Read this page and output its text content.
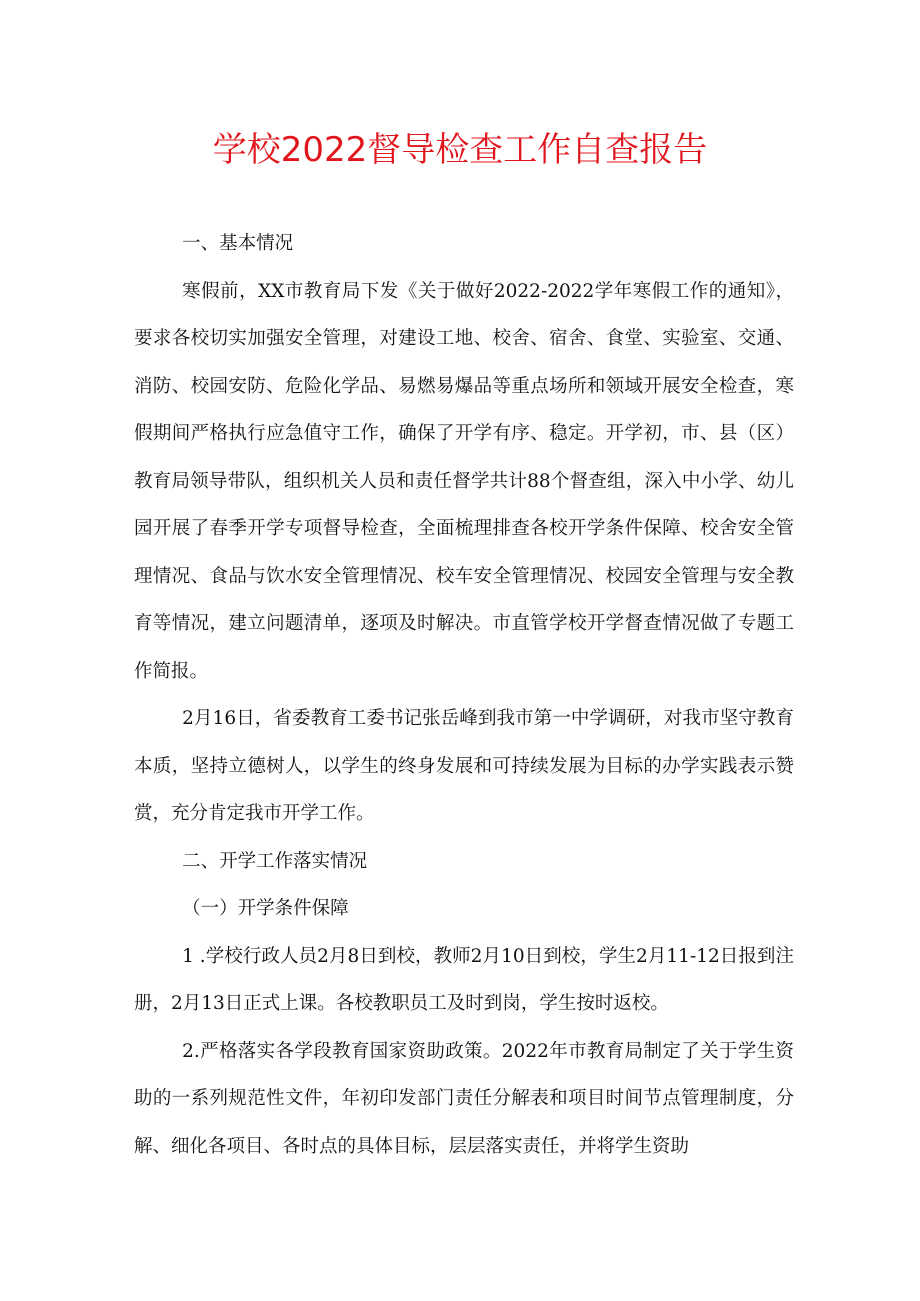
学校2022督导检查工作自查报告

一、基本情况

寒假前，XX市教育局下发《关于做好2022-2022学年寒假工作的通知》，要求各校切实加强安全管理，对建设工地、校舍、宿舍、食堂、实验室、交通、消防、校园安防、危险化学品、易燃易爆品等重点场所和领域开展安全检查，寒假期间严格执行应急值守工作，确保了开学有序、稳定。开学初，市、县（区）教育局领导带队，组织机关人员和责任督学共计88个督查组，深入中小学、幼儿园开展了春季开学专项督导检查，全面梳理排查各校开学条件保障、校舍安全管理情况、食品与饮水安全管理情况、校车安全管理情况、校园安全管理与安全教育等情况，建立问题清单，逐项及时解决。市直管学校开学督查情况做了专题工作简报。

2月16日，省委教育工委书记张岳峰到我市第一中学调研，对我市坚守教育本质，坚持立德树人，以学生的终身发展和可持续发展为目标的办学实践表示赞赏，充分肯定我市开学工作。

二、开学工作落实情况

（一）开学条件保障

1 .学校行政人员2月8日到校，教师2月10日到校，学生2月11-12日报到注册，2月13日正式上课。各校教职员工及时到岗，学生按时返校。

2.严格落实各学段教育国家资助政策。2022年市教育局制定了关于学生资助的一系列规范性文件，年初印发部门责任分解表和项目时间节点管理制度，分解、细化各项目、各时点的具体目标，层层落实责任，并将学生资助
